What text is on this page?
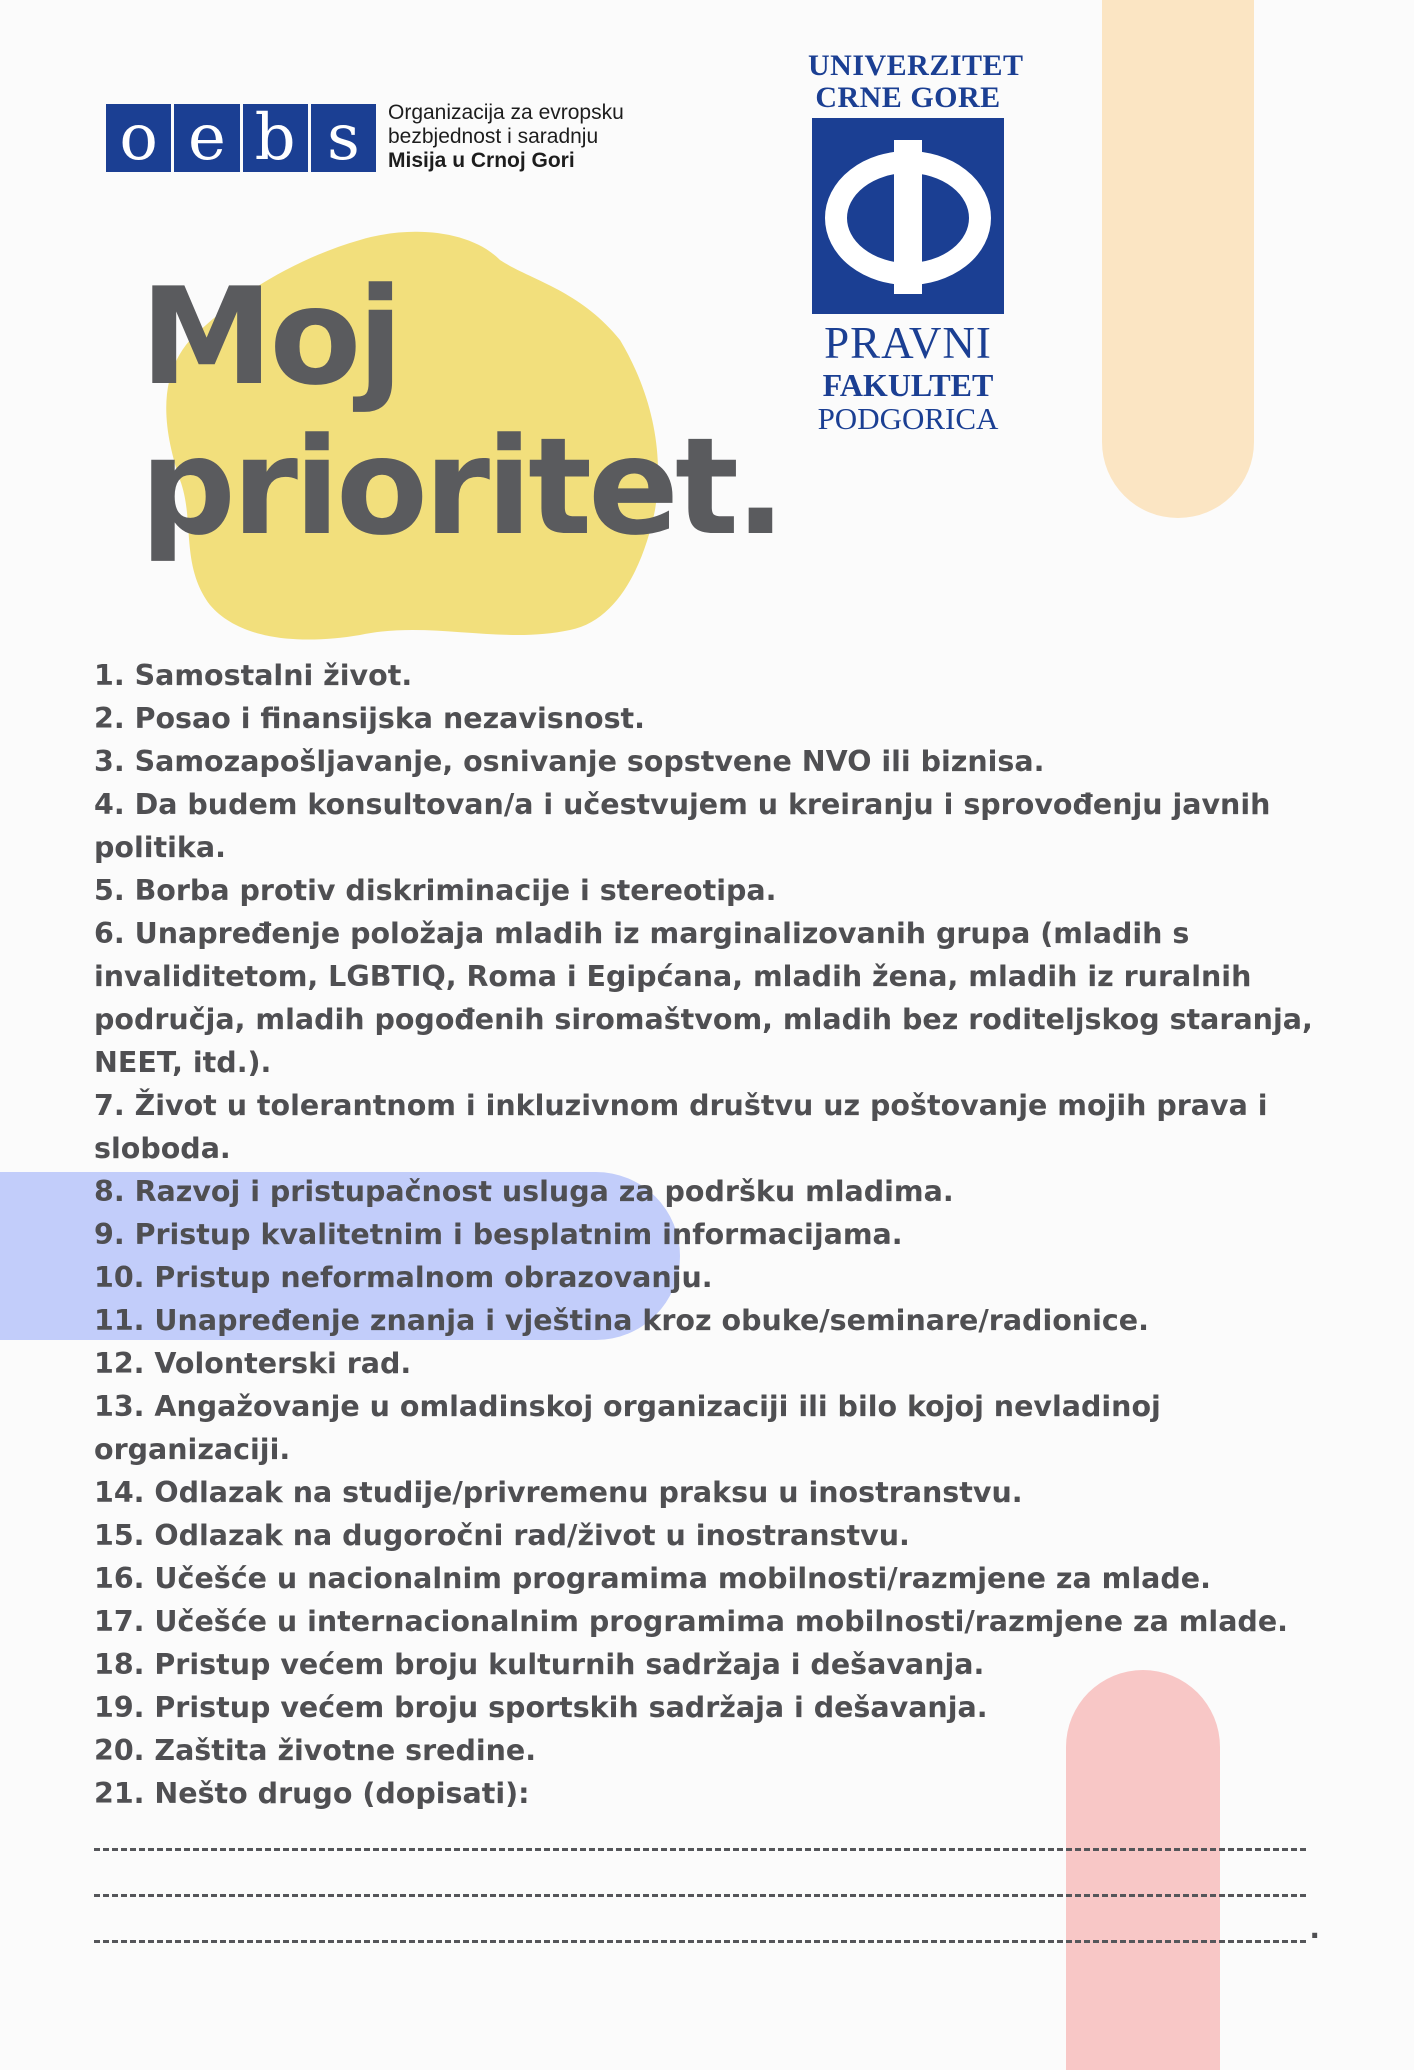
o e b s	Organizacija za evropsku
bezbjednost i saradnju
Misija u Crnoj Gori
UNIVERZITET
CRNE GORE
PRAVNI
FAKULTET
PODGORICA
Moj
prioritet.
1. Samostalni život.
2. Posao i finansijska nezavisnost.
3. Samozapošljavanje, osnivanje sopstvene NVO ili biznisa.
4. Da budem konsultovan/a i učestvujem u kreiranju i sprovođenju javnih politika.
5. Borba protiv diskriminacije i stereotipa.
6. Unapređenje položaja mladih iz marginalizovanih grupa (mladih s invaliditetom, LGBTIQ, Roma i Egipćana, mladih žena, mladih iz ruralnih područja, mladih pogođenih siromaštvom, mladih bez roditeljskog staranja, NEET, itd.).
7. Život u tolerantnom i inkluzivnom društvu uz poštovanje mojih prava i sloboda.
8. Razvoj i pristupačnost usluga za podršku mladima.
9. Pristup kvalitetnim i besplatnim informacijama.
10. Pristup neformalnom obrazovanju.
11. Unapređenje znanja i vještina kroz obuke/seminare/radionice.
12. Volonterski rad.
13. Angažovanje u omladinskoj organizaciji ili bilo kojoj nevladinoj organizaciji.
14. Odlazak na studije/privremenu praksu u inostranstvu.
15. Odlazak na dugoročni rad/život u inostranstvu.
16. Učešće u nacionalnim programima mobilnosti/razmjene za mlade.
17. Učešće u internacionalnim programima mobilnosti/razmjene za mlade.
18. Pristup većem broju kulturnih sadržaja i dešavanja.
19. Pristup većem broju sportskih sadržaja i dešavanja.
20. Zaštita životne sredine.
21. Nešto drugo (dopisati):
.
